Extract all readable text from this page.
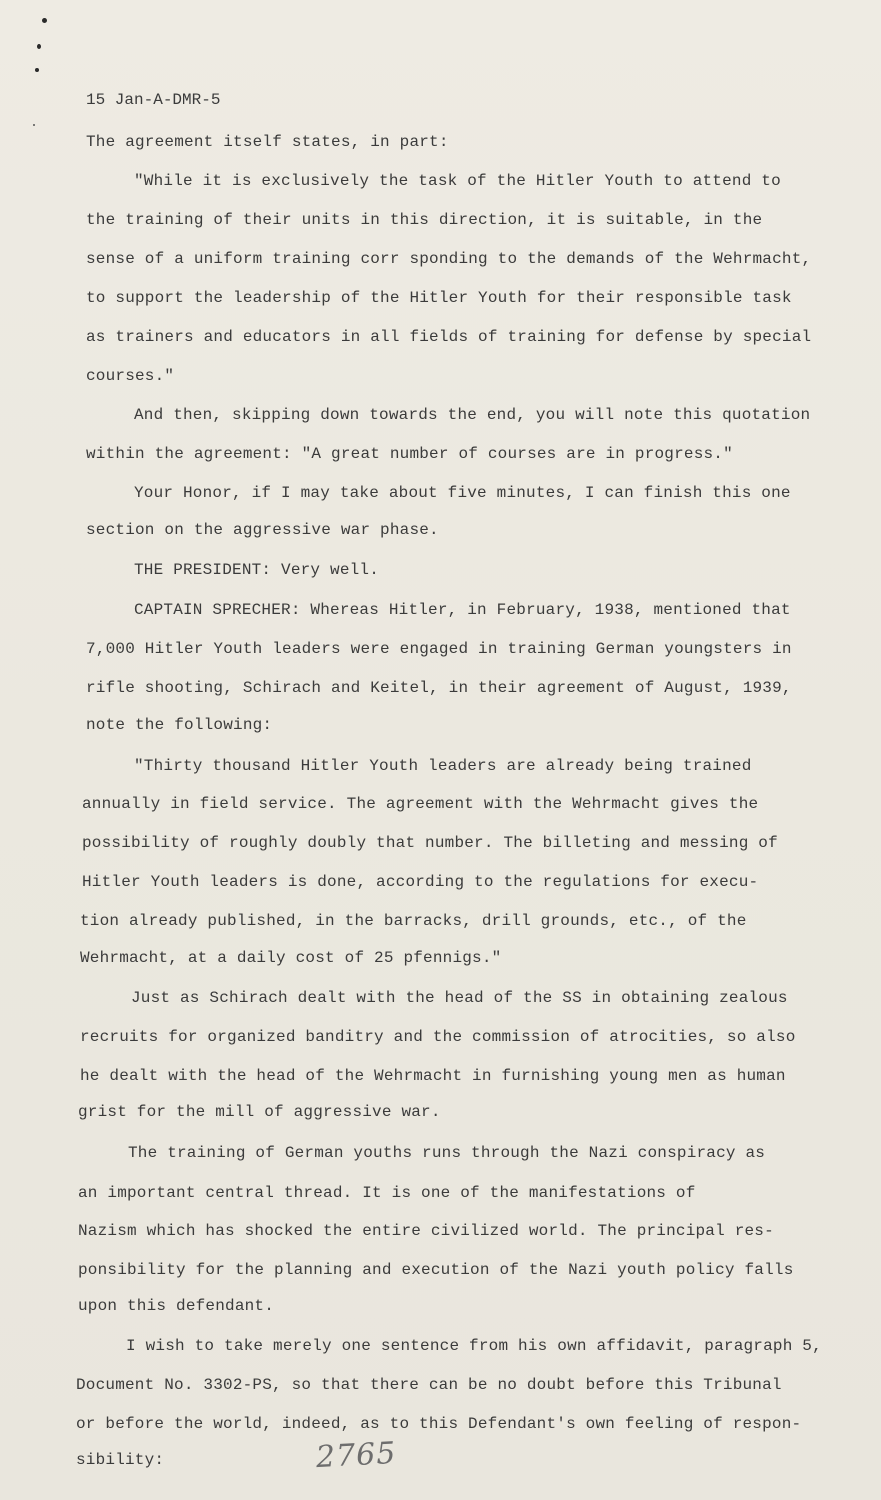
15 Jan-A-DMR-5
The agreement itself states, in part:
"While it is exclusively the task of the Hitler Youth to attend to
the training of their units in this direction, it is suitable, in the
sense of a uniform training corr sponding to the demands of the Wehrmacht,
to support the leadership of the Hitler Youth for their responsible task
as trainers and educators in all fields of training for defense by special
courses."
And then, skipping down towards the end, you will note this quotation
within the agreement: "A great number of courses are in progress."
Your Honor, if I may take about five minutes, I can finish this one
section on the aggressive war phase.
THE PRESIDENT: Very well.
CAPTAIN SPRECHER: Whereas Hitler, in February, 1938, mentioned that
7,000 Hitler Youth leaders were engaged in training German youngsters in
rifle shooting, Schirach and Keitel, in their agreement of August, 1939,
note the following:
"Thirty thousand Hitler Youth leaders are already being trained
annually in field service. The agreement with the Wehrmacht gives the
possibility of roughly doubly that number. The billeting and messing of
Hitler Youth leaders is done, according to the regulations for execu-
tion already published, in the barracks, drill grounds, etc., of the
Wehrmacht, at a daily cost of 25 pfennigs."
Just as Schirach dealt with the head of the SS in obtaining zealous
recruits for organized banditry and the commission of atrocities, so also
he dealt with the head of the Wehrmacht in furnishing young men as human
grist for the mill of aggressive war.
The training of German youths runs through the Nazi conspiracy as
an important central thread. It is one of the manifestations of
Nazism which has shocked the entire civilized world. The principal res-
ponsibility for the planning and execution of the Nazi youth policy falls
upon this defendant.
I wish to take merely one sentence from his own affidavit, paragraph 5,
Document No. 3302-PS, so that there can be no doubt before this Tribunal
or before the world, indeed, as to this Defendant's own feeling of respon-
sibility:	2765
